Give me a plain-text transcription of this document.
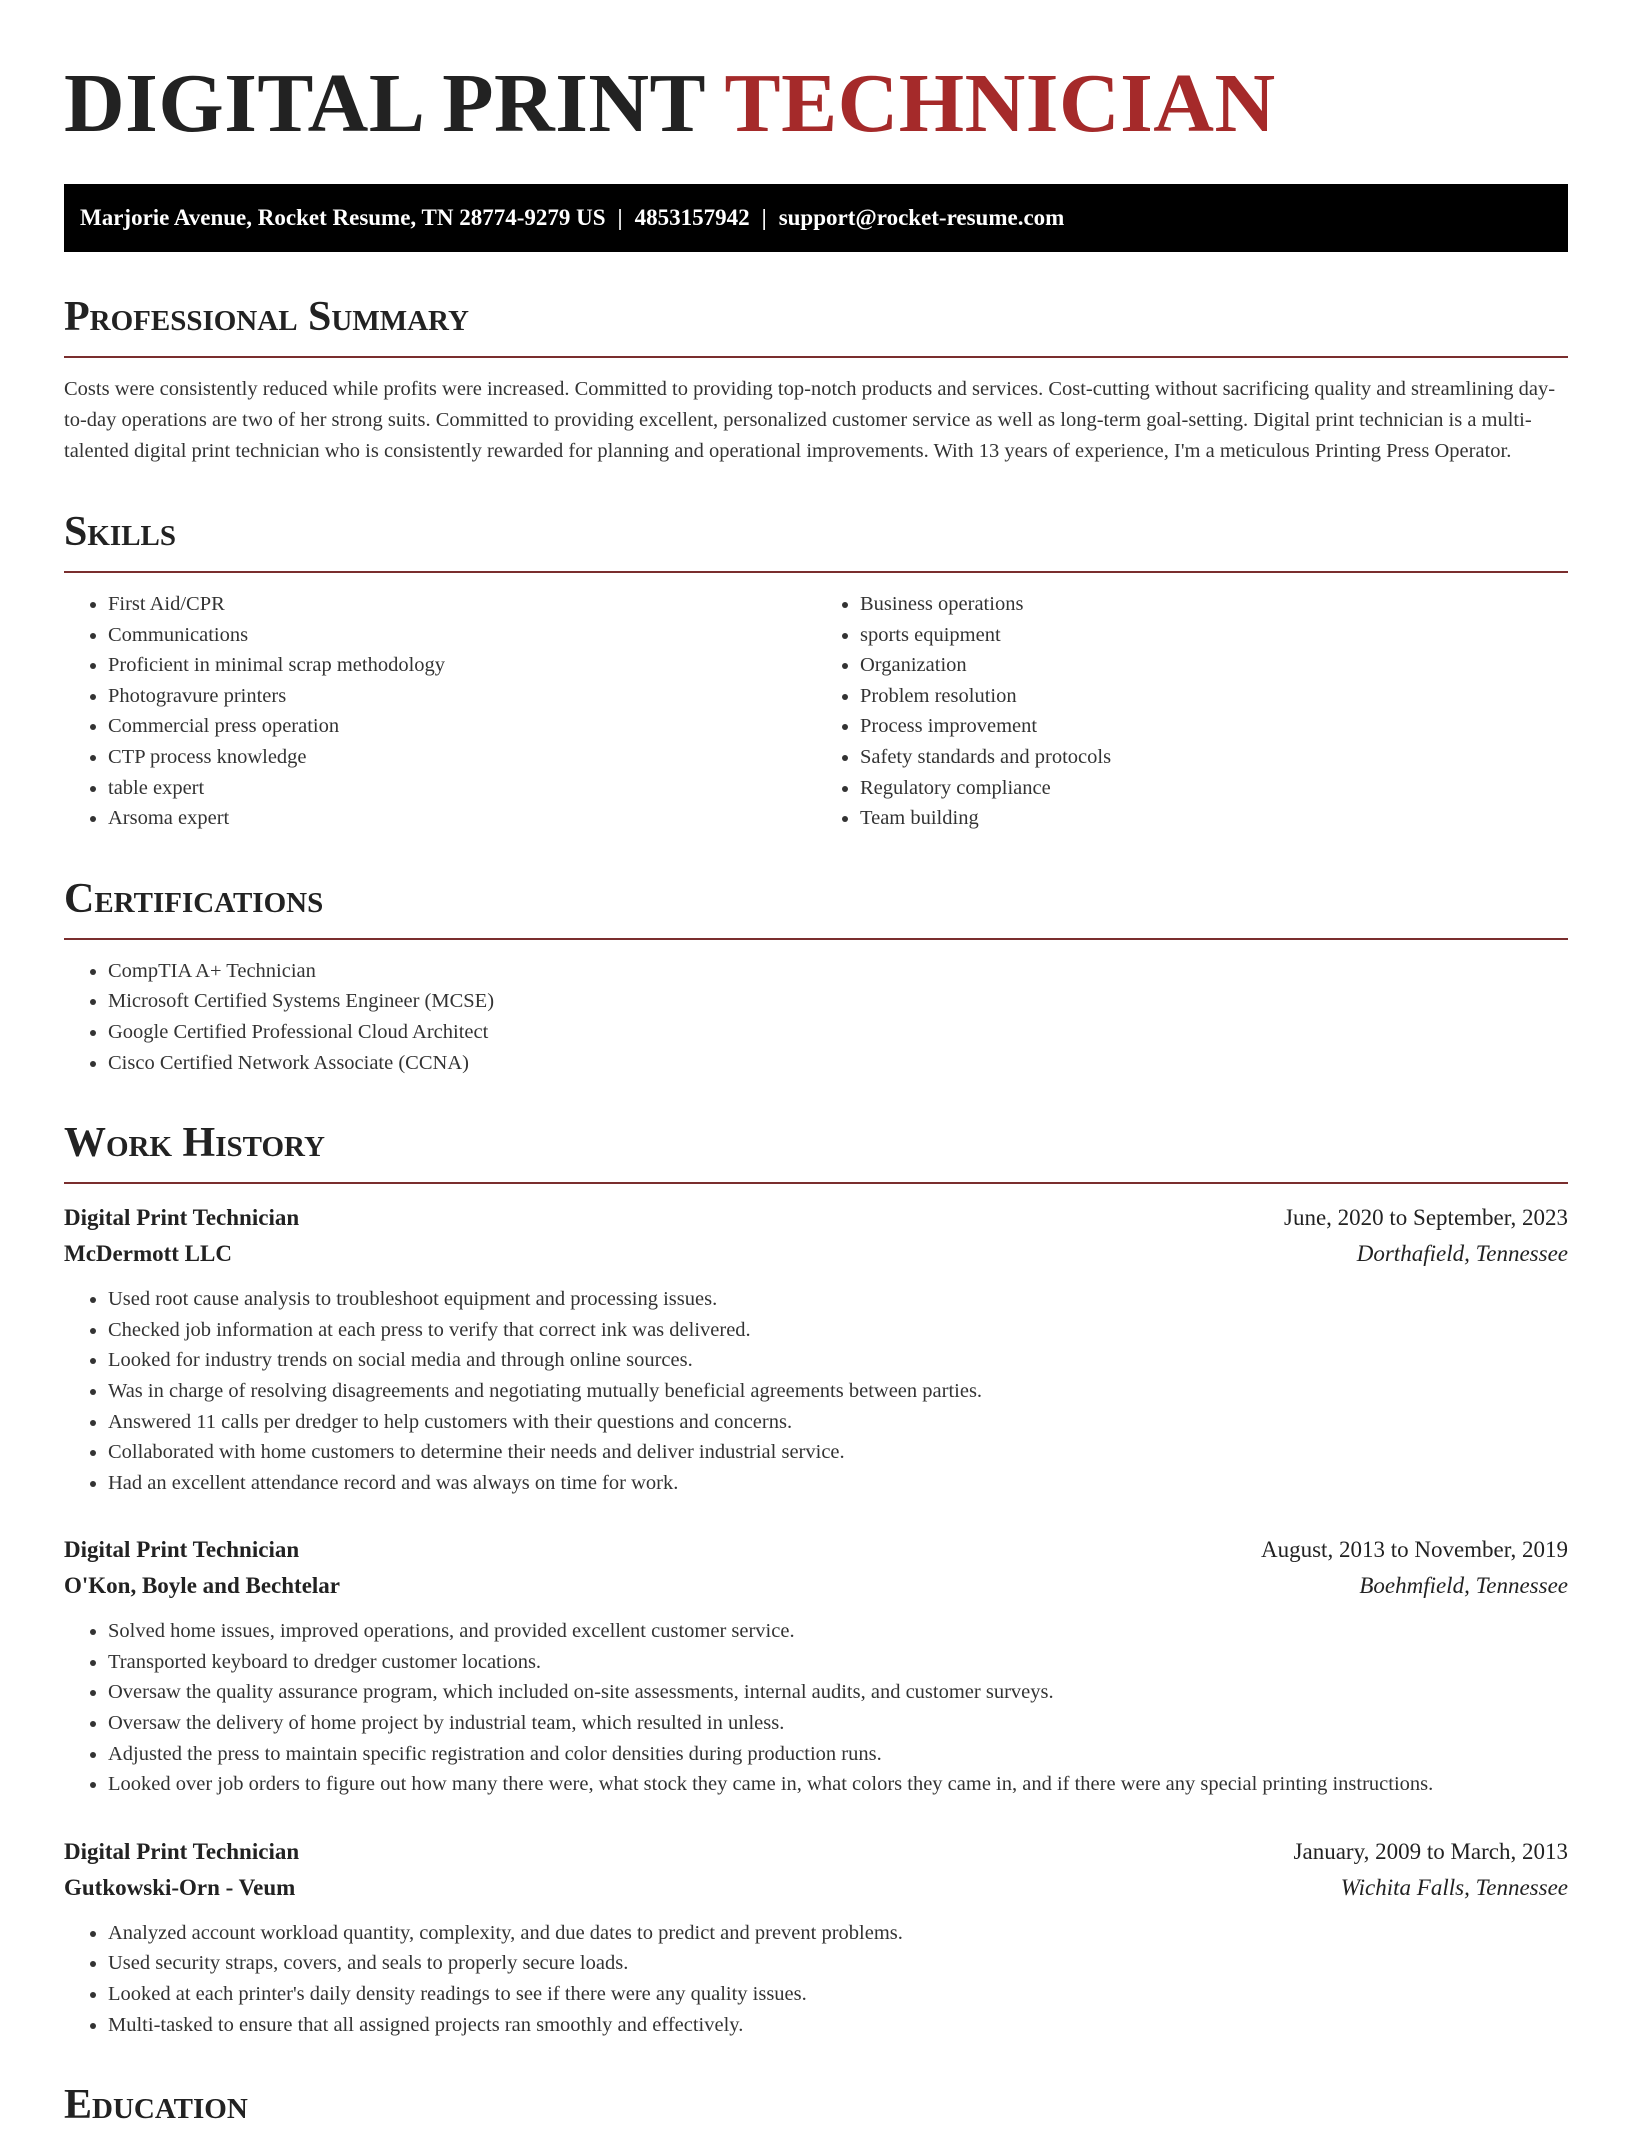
DIGITAL PRINT TECHNICIAN
Marjorie Avenue, Rocket Resume, TN 28774-9279 US | 4853157942 | support@rocket-resume.com
Professional Summary

Costs were consistently reduced while profits were increased. Committed to providing top-notch products and services. Cost-cutting without sacrificing quality and streamlining day-to-day operations are two of her strong suits. Committed to providing excellent, personalized customer service as well as long-term goal-setting. Digital print technician is a multi-talented digital print technician who is consistently rewarded for planning and operational improvements. With 13 years of experience, I'm a meticulous Printing Press Operator.

Skills
• First Aid/CPR
• Communications
• Proficient in minimal scrap methodology
• Photogravure printers
• Commercial press operation
• CTP process knowledge
• table expert
• Arsoma expert
• Business operations
• sports equipment
• Organization
• Problem resolution
• Process improvement
• Safety standards and protocols
• Regulatory compliance
• Team building
Certifications
• CompTIA A+ Technician
• Microsoft Certified Systems Engineer (MCSE)
• Google Certified Professional Cloud Architect
• Cisco Certified Network Associate (CCNA)
Work History
Digital Print Technician	June, 2020 to September, 2023
McDermott LLC	Dorthafield, Tennessee
• Used root cause analysis to troubleshoot equipment and processing issues.
• Checked job information at each press to verify that correct ink was delivered.
• Looked for industry trends on social media and through online sources.
• Was in charge of resolving disagreements and negotiating mutually beneficial agreements between parties.
• Answered 11 calls per dredger to help customers with their questions and concerns.
• Collaborated with home customers to determine their needs and deliver industrial service.
• Had an excellent attendance record and was always on time for work.
Digital Print Technician	August, 2013 to November, 2019
O'Kon, Boyle and Bechtelar	Boehmfield, Tennessee
• Solved home issues, improved operations, and provided excellent customer service.
• Transported keyboard to dredger customer locations.
• Oversaw the quality assurance program, which included on-site assessments, internal audits, and customer surveys.
• Oversaw the delivery of home project by industrial team, which resulted in unless.
• Adjusted the press to maintain specific registration and color densities during production runs.
• Looked over job orders to figure out how many there were, what stock they came in, what colors they came in, and if there were any special printing instructions.
Digital Print Technician	January, 2009 to March, 2013
Gutkowski-Orn - Veum	Wichita Falls, Tennessee
• Analyzed account workload quantity, complexity, and due dates to predict and prevent problems.
• Used security straps, covers, and seals to properly secure loads.
• Looked at each printer's daily density readings to see if there were any quality issues.
• Multi-tasked to ensure that all assigned projects ran smoothly and effectively.
Education
